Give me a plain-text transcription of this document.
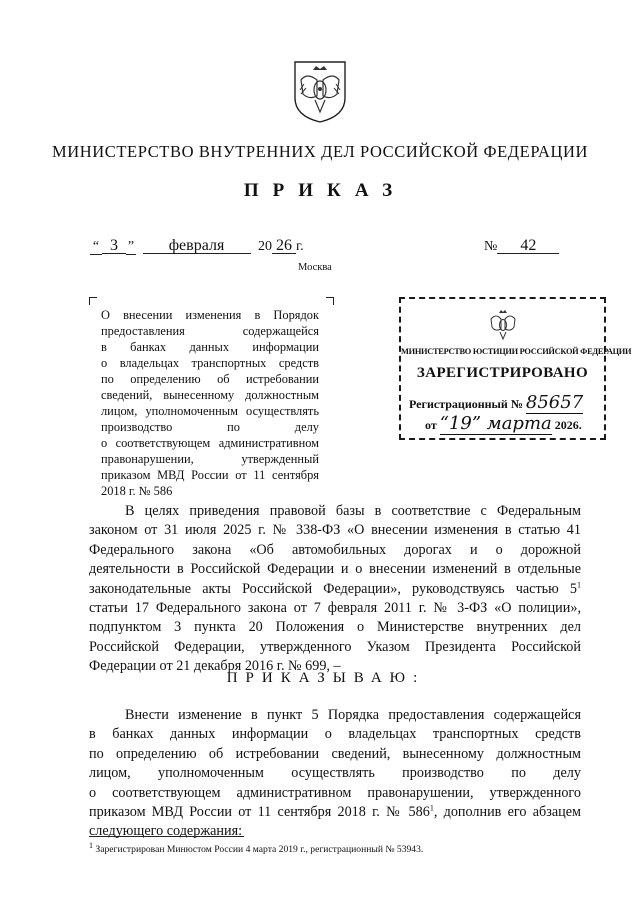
МИНИСТЕРСТВО ВНУТРЕННИХ ДЕЛ РОССИЙСКОЙ ФЕДЕРАЦИИ
ПРИКАЗ
“ 3 ” февраля 20 26 г.	№ 42
Москва
О внесении изменения в Порядок
предоставления содержащейся
в банках данных информации
о владельцах транспортных средств
по определению об истребовании
сведений, вынесенному должностным
лицом, уполномоченным осуществлять
производство по делу
о соответствующем административном
правонарушении, утвержденный
приказом МВД России от 11 сентября
2018 г. № 586
МИНИСТЕРСТВО ЮСТИЦИИ РОССИЙСКОЙ ФЕДЕРАЦИИ
ЗАРЕГИСТРИРОВАНО
Регистрационный № 85657
от “19” марта 2026.
В целях приведения правовой базы в соответствие с Федеральным
законом от 31 июля 2025 г. № 338-ФЗ «О внесении изменения в статью 41
Федерального закона «Об автомобильных дорогах и о дорожной
деятельности в Российской Федерации и о внесении изменений в отдельные
законодательные акты Российской Федерации», руководствуясь частью $5^1$
статьи 17 Федерального закона от 7 февраля 2011 г. № 3-ФЗ «О полиции»,
подпунктом 3 пункта 20 Положения о Министерстве внутренних дел
Российской Федерации, утвержденного Указом Президента Российской
Федерации от 21 декабря 2016 г. № 699, –
ПРИКАЗЫВАЮ:
Внести изменение в пункт 5 Порядка предоставления содержащейся
в банках данных информации о владельцах транспортных средств
по определению об истребовании сведений, вынесенному должностным
лицом, уполномоченным осуществлять производство по делу
о соответствующем административном правонарушении, утвержденного
приказом МВД России от 11 сентября 2018 г. № $586^1$, дополнив его абзацем
следующего содержания:
$^1$ Зарегистрирован Минюстом России 4 марта 2019 г., регистрационный № 53943.
